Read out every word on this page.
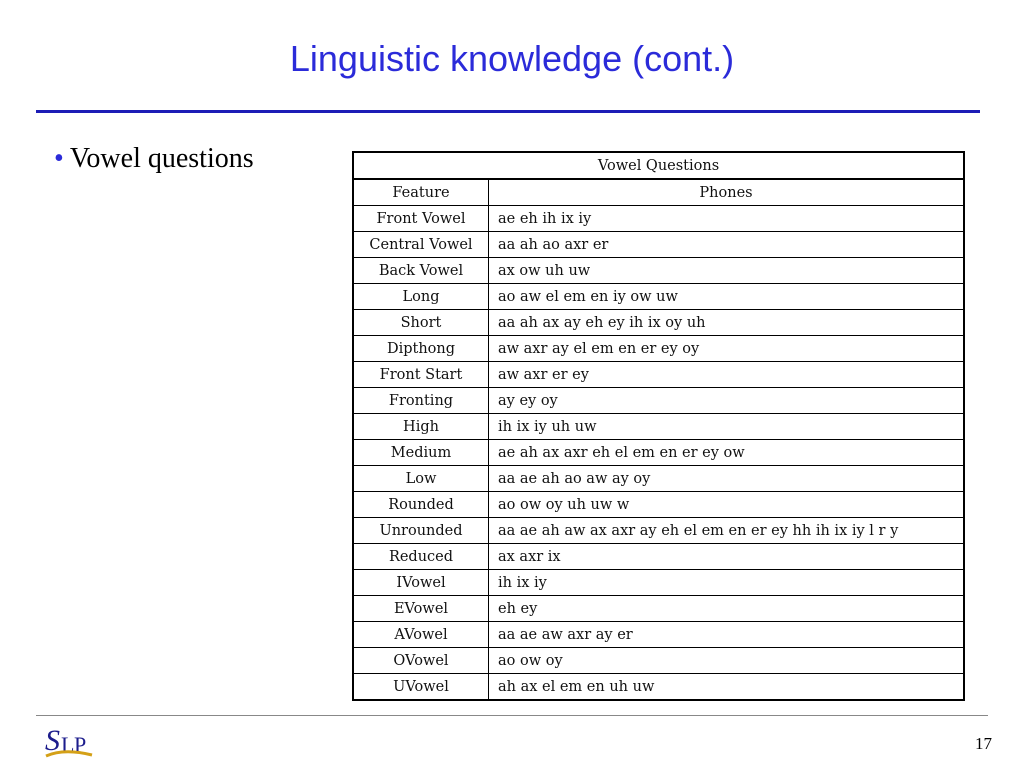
Linguistic knowledge (cont.)
• Vowel questions	Vowel Questions	
Feature	Phones
Front Vowel	ae eh ih ix iy
Central Vowel	aa ah ao axr er
Back Vowel	ax ow uh uw
Long	ao aw el em en iy ow uw
Short	aa ah ax ay eh ey ih ix oy uh
Dipthong	aw axr ay el em en er ey oy
Front Start	aw axr er ey
Fronting	ay ey oy
High	ih ix iy uh uw
Medium	ae ah ax axr eh el em en er ey ow
Low	aa ae ah ao aw ay oy
Rounded	ao ow oy uh uw w
Unrounded	aa ae ah aw ax axr ay eh el em en er ey hh ih ix iy l r y
Reduced	ax axr ix
IVowel	ih ix iy
EVowel	eh ey
AVowel	aa ae aw axr ay er
OVowel	ao ow oy
UVowel	ah ax el em en uh uw
S L P	17
